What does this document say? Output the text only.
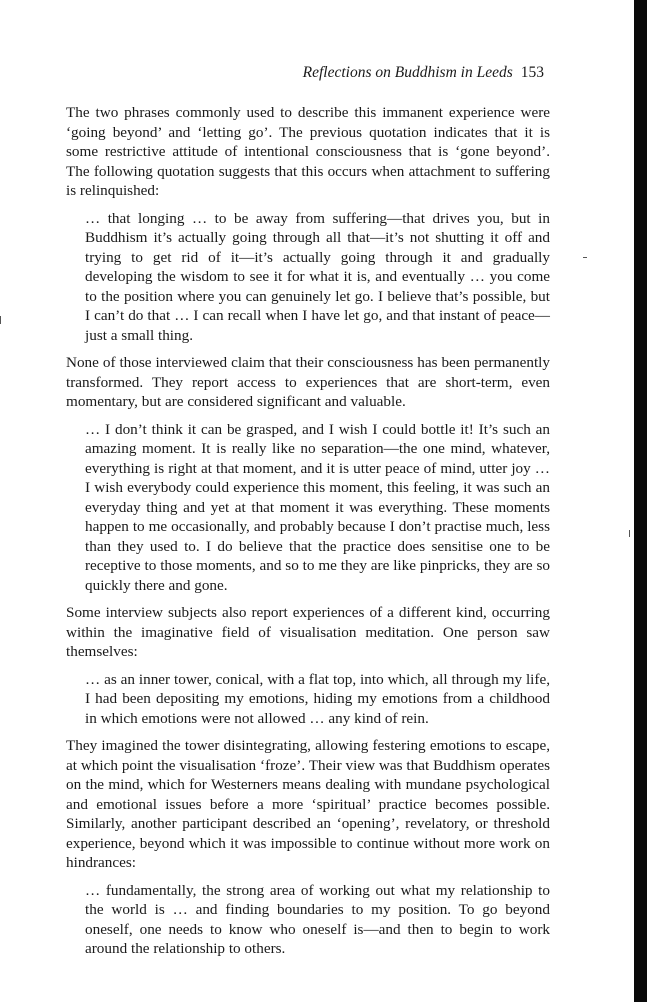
Reflections on Buddhism in Leeds 153

The two phrases commonly used to describe this immanent experience were ‘going beyond’ and ‘letting go’. The previous quotation indicates that it is some restrictive attitude of intentional consciousness that is ‘gone beyond’. The following quotation suggests that this occurs when attachment to suffering is relinquished:

… that longing … to be away from suffering—that drives you, but in Buddhism it’s actually going through all that—it’s not shutting it off and trying to get rid of it—it’s actually going through it and gradually developing the wisdom to see it for what it is, and eventually … you come to the position where you can genuinely let go. I believe that’s possible, but I can’t do that … I can recall when I have let go, and that instant of peace—just a small thing.

None of those interviewed claim that their consciousness has been permanently transformed. They report access to experiences that are short-term, even momentary, but are considered significant and valuable.

… I don’t think it can be grasped, and I wish I could bottle it! It’s such an amazing moment. It is really like no separation—the one mind, whatever, everything is right at that moment, and it is utter peace of mind, utter joy … I wish everybody could experience this moment, this feeling, it was such an everyday thing and yet at that moment it was everything. These moments happen to me occasionally, and probably because I don’t practise much, less than they used to. I do believe that the practice does sensitise one to be receptive to those moments, and so to me they are like pinpricks, they are so quickly there and gone.

Some interview subjects also report experiences of a different kind, occurring within the imaginative field of visualisation meditation. One person saw themselves:

… as an inner tower, conical, with a flat top, into which, all through my life, I had been depositing my emotions, hiding my emotions from a childhood in which emotions were not allowed … any kind of rein.

They imagined the tower disintegrating, allowing festering emotions to escape, at which point the visualisation ‘froze’. Their view was that Buddhism operates on the mind, which for Westerners means dealing with mundane psychological and emotional issues before a more ‘spiritual’ practice becomes possible. Similarly, another participant described an ‘opening’, revelatory, or threshold experience, beyond which it was impossible to continue without more work on hindrances:

… fundamentally, the strong area of working out what my relationship to the world is … and finding boundaries to my position. To go beyond oneself, one needs to know who oneself is—and then to begin to work around the relationship to others.
